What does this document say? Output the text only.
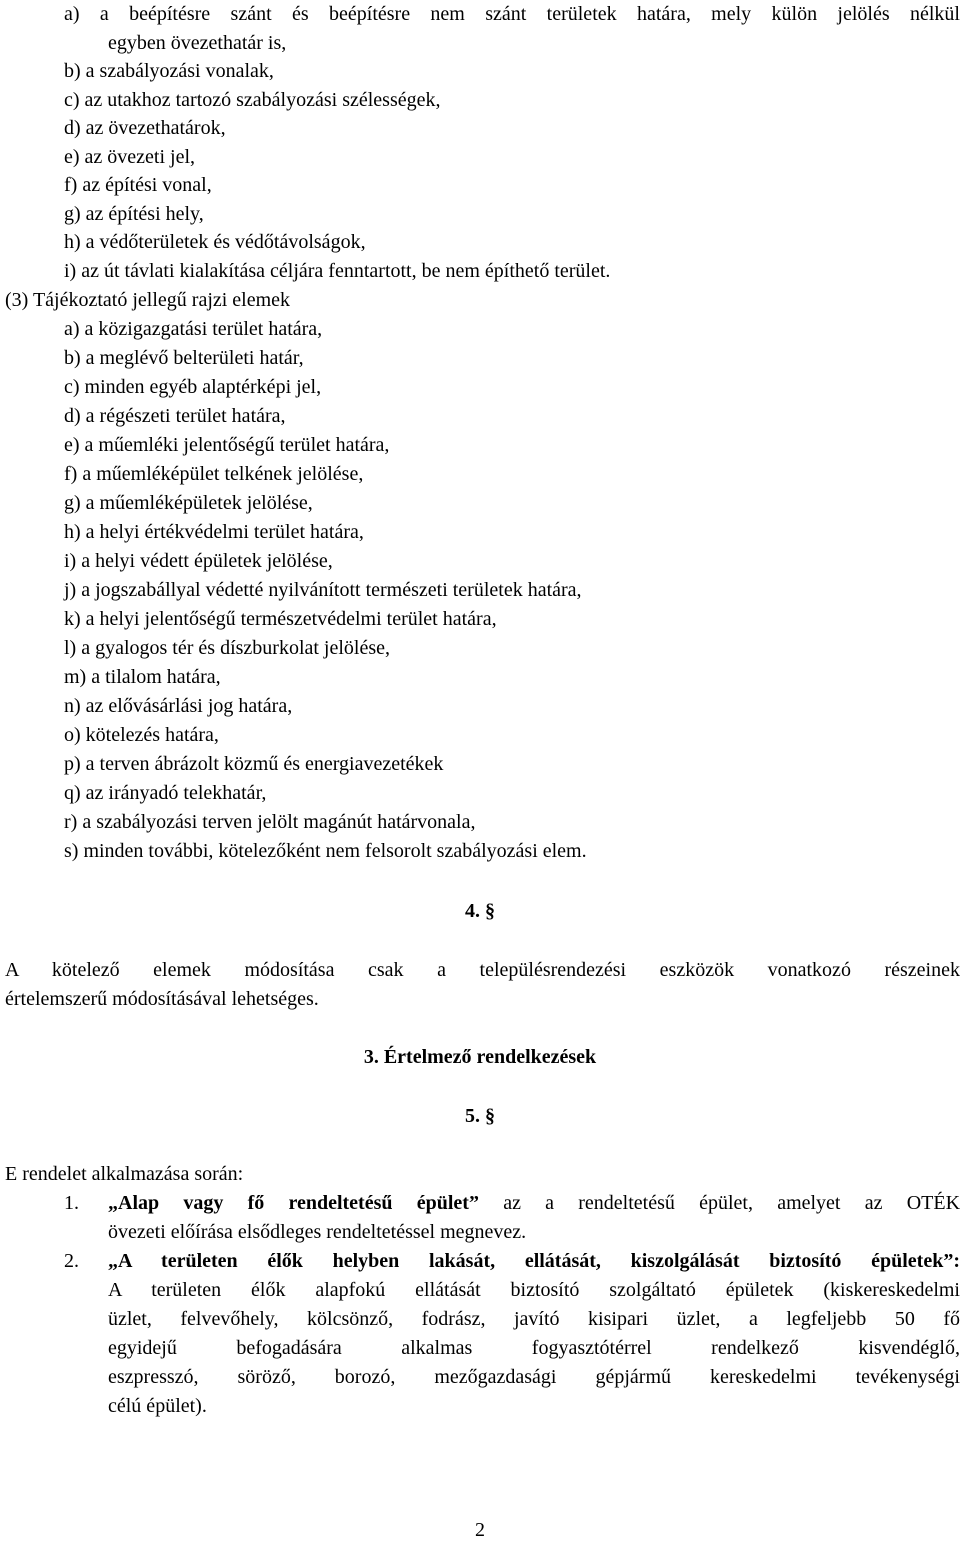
a) a beépítésre szánt és beépítésre nem szánt területek határa, mely külön jelölés nélkül
egyben övezethatár is,
b) a szabályozási vonalak,
c) az utakhoz tartozó szabályozási szélességek,
d) az övezethatárok,
e) az övezeti jel,
f) az építési vonal,
g) az építési hely,
h) a védőterületek és védőtávolságok,
i) az út távlati kialakítása céljára fenntartott, be nem építhető terület.
(3) Tájékoztató jellegű rajzi elemek
a) a közigazgatási terület határa,
b) a meglévő belterületi határ,
c) minden egyéb alaptérképi jel,
d) a régészeti terület határa,
e) a műemléki jelentőségű terület határa,
f) a műemléképület telkének jelölése,
g) a műemléképületek jelölése,
h) a helyi értékvédelmi terület határa,
i) a helyi védett épületek jelölése,
j) a jogszabállyal védetté nyilvánított természeti területek határa,
k) a helyi jelentőségű természetvédelmi terület határa,
l) a gyalogos tér és díszburkolat jelölése,
m) a tilalom határa,
n) az elővásárlási jog határa,
o) kötelezés határa,
p) a terven ábrázolt közmű és energiavezetékek
q) az irányadó telekhatár,
r) a szabályozási terven jelölt magánút határvonala,
s) minden további, kötelezőként nem felsorolt szabályozási elem.
4. §
A kötelező elemek módosítása csak a településrendezési eszközök vonatkozó részeinek
értelemszerű módosításával lehetséges.
3. Értelmező rendelkezések
5. §
E rendelet alkalmazása során:
1. „Alap vagy fő rendeltetésű épület” az a rendeltetésű épület, amelyet az OTÉK
övezeti előírása elsődleges rendeltetéssel megnevez.
2. „A területen élők helyben lakását, ellátását, kiszolgálását biztosító épületek”:
A területen élők alapfokú ellátását biztosító szolgáltató épületek (kiskereskedelmi
üzlet, felvevőhely, kölcsönző, fodrász, javító kisipari üzlet, a legfeljebb 50 fő
egyidejű befogadására alkalmas fogyasztótérrel rendelkező kisvendéglő,
eszpresszó, söröző, borozó, mezőgazdasági gépjármű kereskedelmi tevékenységi
célú épület).
2
